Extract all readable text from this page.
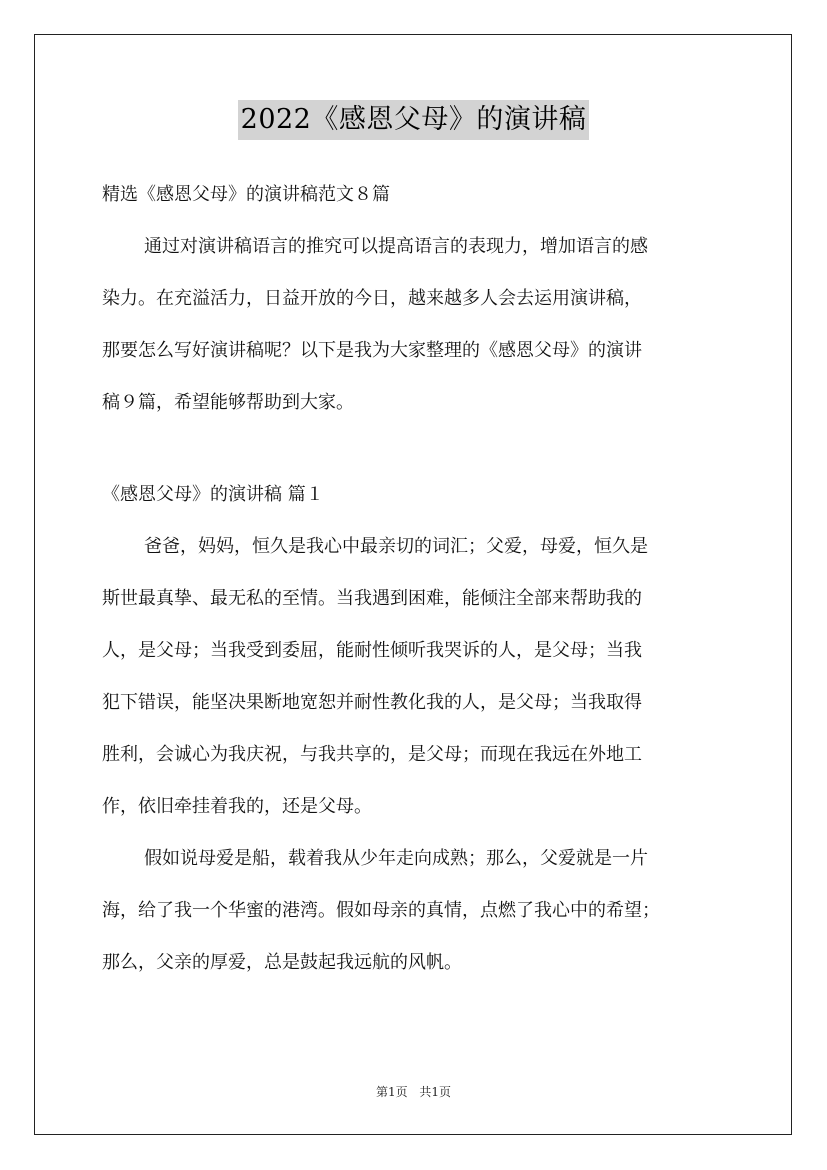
2022《感恩父母》的演讲稿
精选《感恩父母》的演讲稿范文８篇
通过对演讲稿语言的推究可以提高语言的表现力，增加语言的感
染力。在充溢活力，日益开放的今日，越来越多人会去运用演讲稿，
那要怎么写好演讲稿呢？以下是我为大家整理的《感恩父母》的演讲
稿９篇，希望能够帮助到大家。
《感恩父母》的演讲稿 篇１
爸爸，妈妈，恒久是我心中最亲切的词汇；父爱，母爱，恒久是
斯世最真挚、最无私的至情。当我遇到困难，能倾注全部来帮助我的
人，是父母；当我受到委屈，能耐性倾听我哭诉的人，是父母；当我
犯下错误，能坚决果断地宽恕并耐性教化我的人，是父母；当我取得
胜利，会诚心为我庆祝，与我共享的，是父母；而现在我远在外地工
作，依旧牵挂着我的，还是父母。
假如说母爱是船，载着我从少年走向成熟；那么，父爱就是一片
海，给了我一个华蜜的港湾。假如母亲的真情，点燃了我心中的希望；
那么，父亲的厚爱，总是鼓起我远航的风帆。
第1页 共1页
